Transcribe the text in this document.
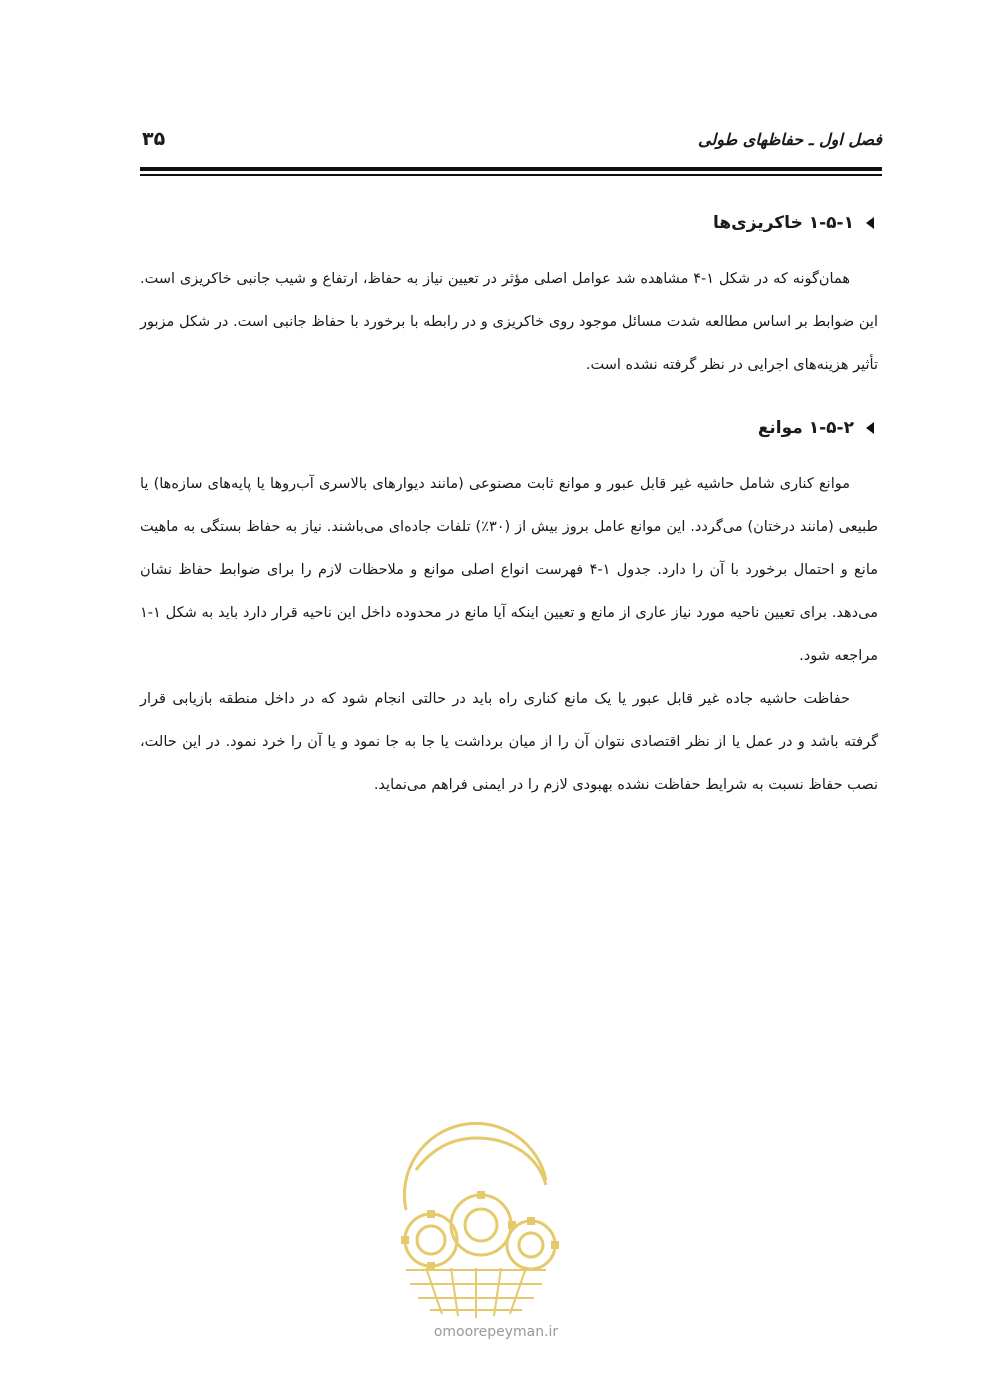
فصل اول ـ حفاظهای طولی
۳۵
۱-۵-۱ خاکریزی‌ها

همان‌گونه که در شکل ۱-۴ مشاهده شد عوامل اصلی مؤثر در تعیین نیاز به حفاظ، ارتفاع و شیب جانبی خاکریزی است. این ضوابط بر اساس مطالعه شدت مسائل موجود روی خاکریزی و در رابطه با برخورد با حفاظ جانبی است. در شکل مزبور تأثیر هزینه‌های اجرایی در نظر گرفته نشده است.

۱-۵-۲ موانع

موانع کناری شامل حاشیه غیر قابل عبور و موانع ثابت مصنوعی (مانند دیوارهای بالاسری آب‌روها یا پایه‌های سازه‌ها) یا طبیعی (مانند درختان) می‌گردد. این موانع عامل بروز بیش از (۳۰٪) تلفات جاده‌ای می‌باشند. نیاز به حفاظ بستگی به ماهیت مانع و احتمال برخورد با آن را دارد. جدول ۱-۴ فهرست انواع اصلی موانع و ملاحظات لازم را برای ضوابط حفاظ نشان می‌دهد. برای تعیین ناحیه مورد نیاز عاری از مانع و تعیین اینکه آیا مانع در محدوده داخل این ناحیه قرار دارد باید به شکل ۱-۱ مراجعه شود.

حفاظت حاشیه جاده غیر قابل عبور یا یک مانع کناری راه باید در حالتی انجام شود که در داخل منطقه بازیابی قرار گرفته باشد و در عمل یا از نظر اقتصادی نتوان آن را از میان برداشت یا جا به جا نمود و یا آن را خرد نمود. در این حالت، نصب حفاظ نسبت به شرایط حفاظت نشده بهبودی لازم را در ایمنی فراهم می‌نماید.

omoorepeyman.ir
